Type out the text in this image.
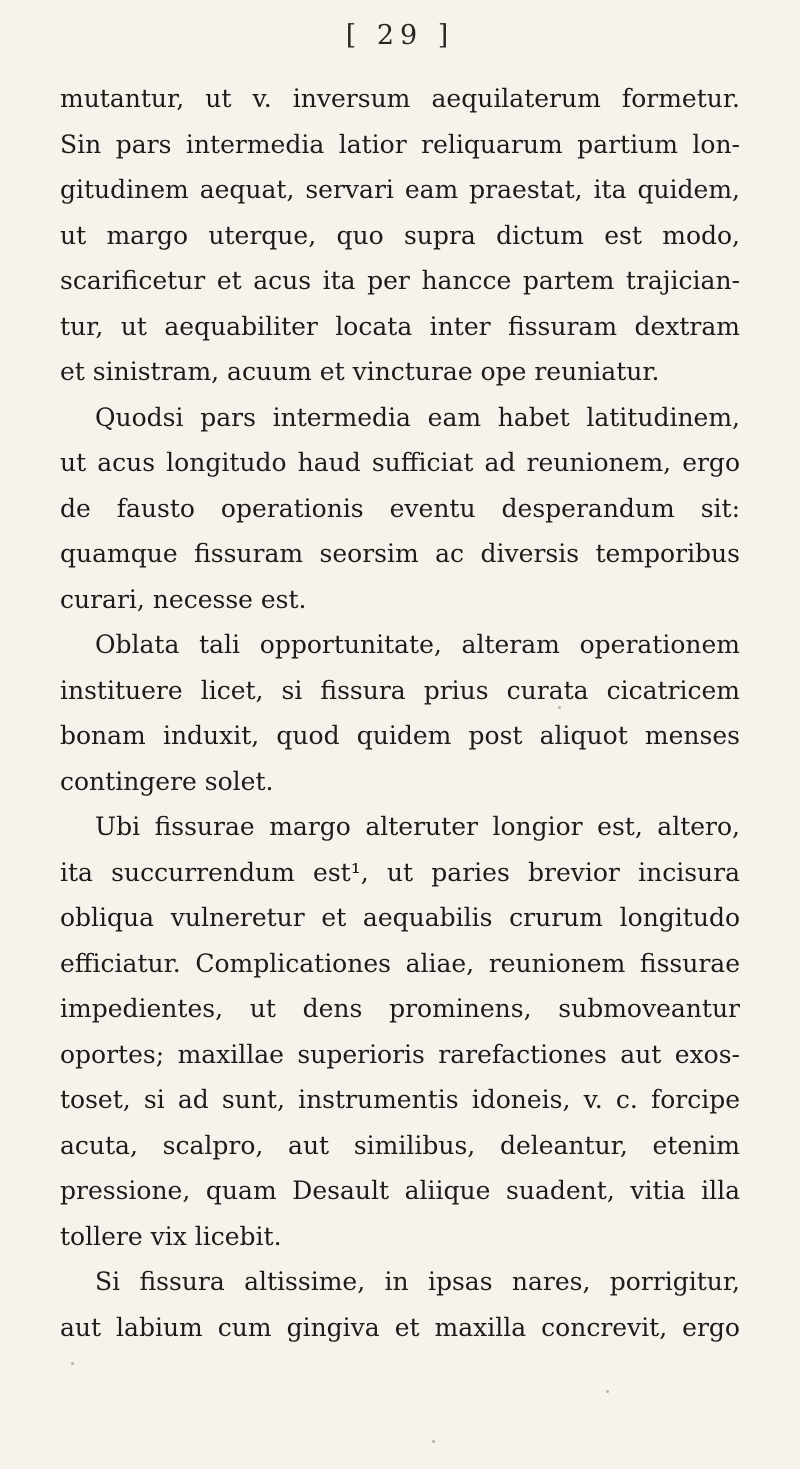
[ 29 ]
mutantur, ut v. inversum aequilaterum formetur.
Sin pars intermedia latior reliquarum partium lon-
gitudinem aequat, servari eam praestat, ita quidem,
ut margo uterque, quo supra dictum est modo,
scarificetur et acus ita per hancce partem trajician-
tur, ut aequabiliter locata inter fissuram dextram
et sinistram, acuum et vincturae ope reuniatur.
Quodsi pars intermedia eam habet latitudinem,
ut acus longitudo haud sufficiat ad reunionem, ergo
de fausto operationis eventu desperandum sit:
quamque fissuram seorsim ac diversis temporibus
curari, necesse est.
Oblata tali opportunitate, alteram operationem
instituere licet, si fissura prius curata cicatricem
bonam induxit, quod quidem post aliquot menses
contingere solet.
Ubi fissurae margo alteruter longior est, altero,
ita succurrendum est¹, ut paries brevior incisura
obliqua vulneretur et aequabilis crurum longitudo
efficiatur. Complicationes aliae, reunionem fissurae
impedientes, ut dens prominens, submoveantur
oportes; maxillae superioris rarefactiones aut exos-
toset, si ad sunt, instrumentis idoneis, v. c. forcipe
acuta, scalpro, aut similibus, deleantur, etenim
pressione, quam Desault aliique suadent, vitia illa
tollere vix licebit.
Si fissura altissime, in ipsas nares, porrigitur,
aut labium cum gingiva et maxilla concrevit, ergo
